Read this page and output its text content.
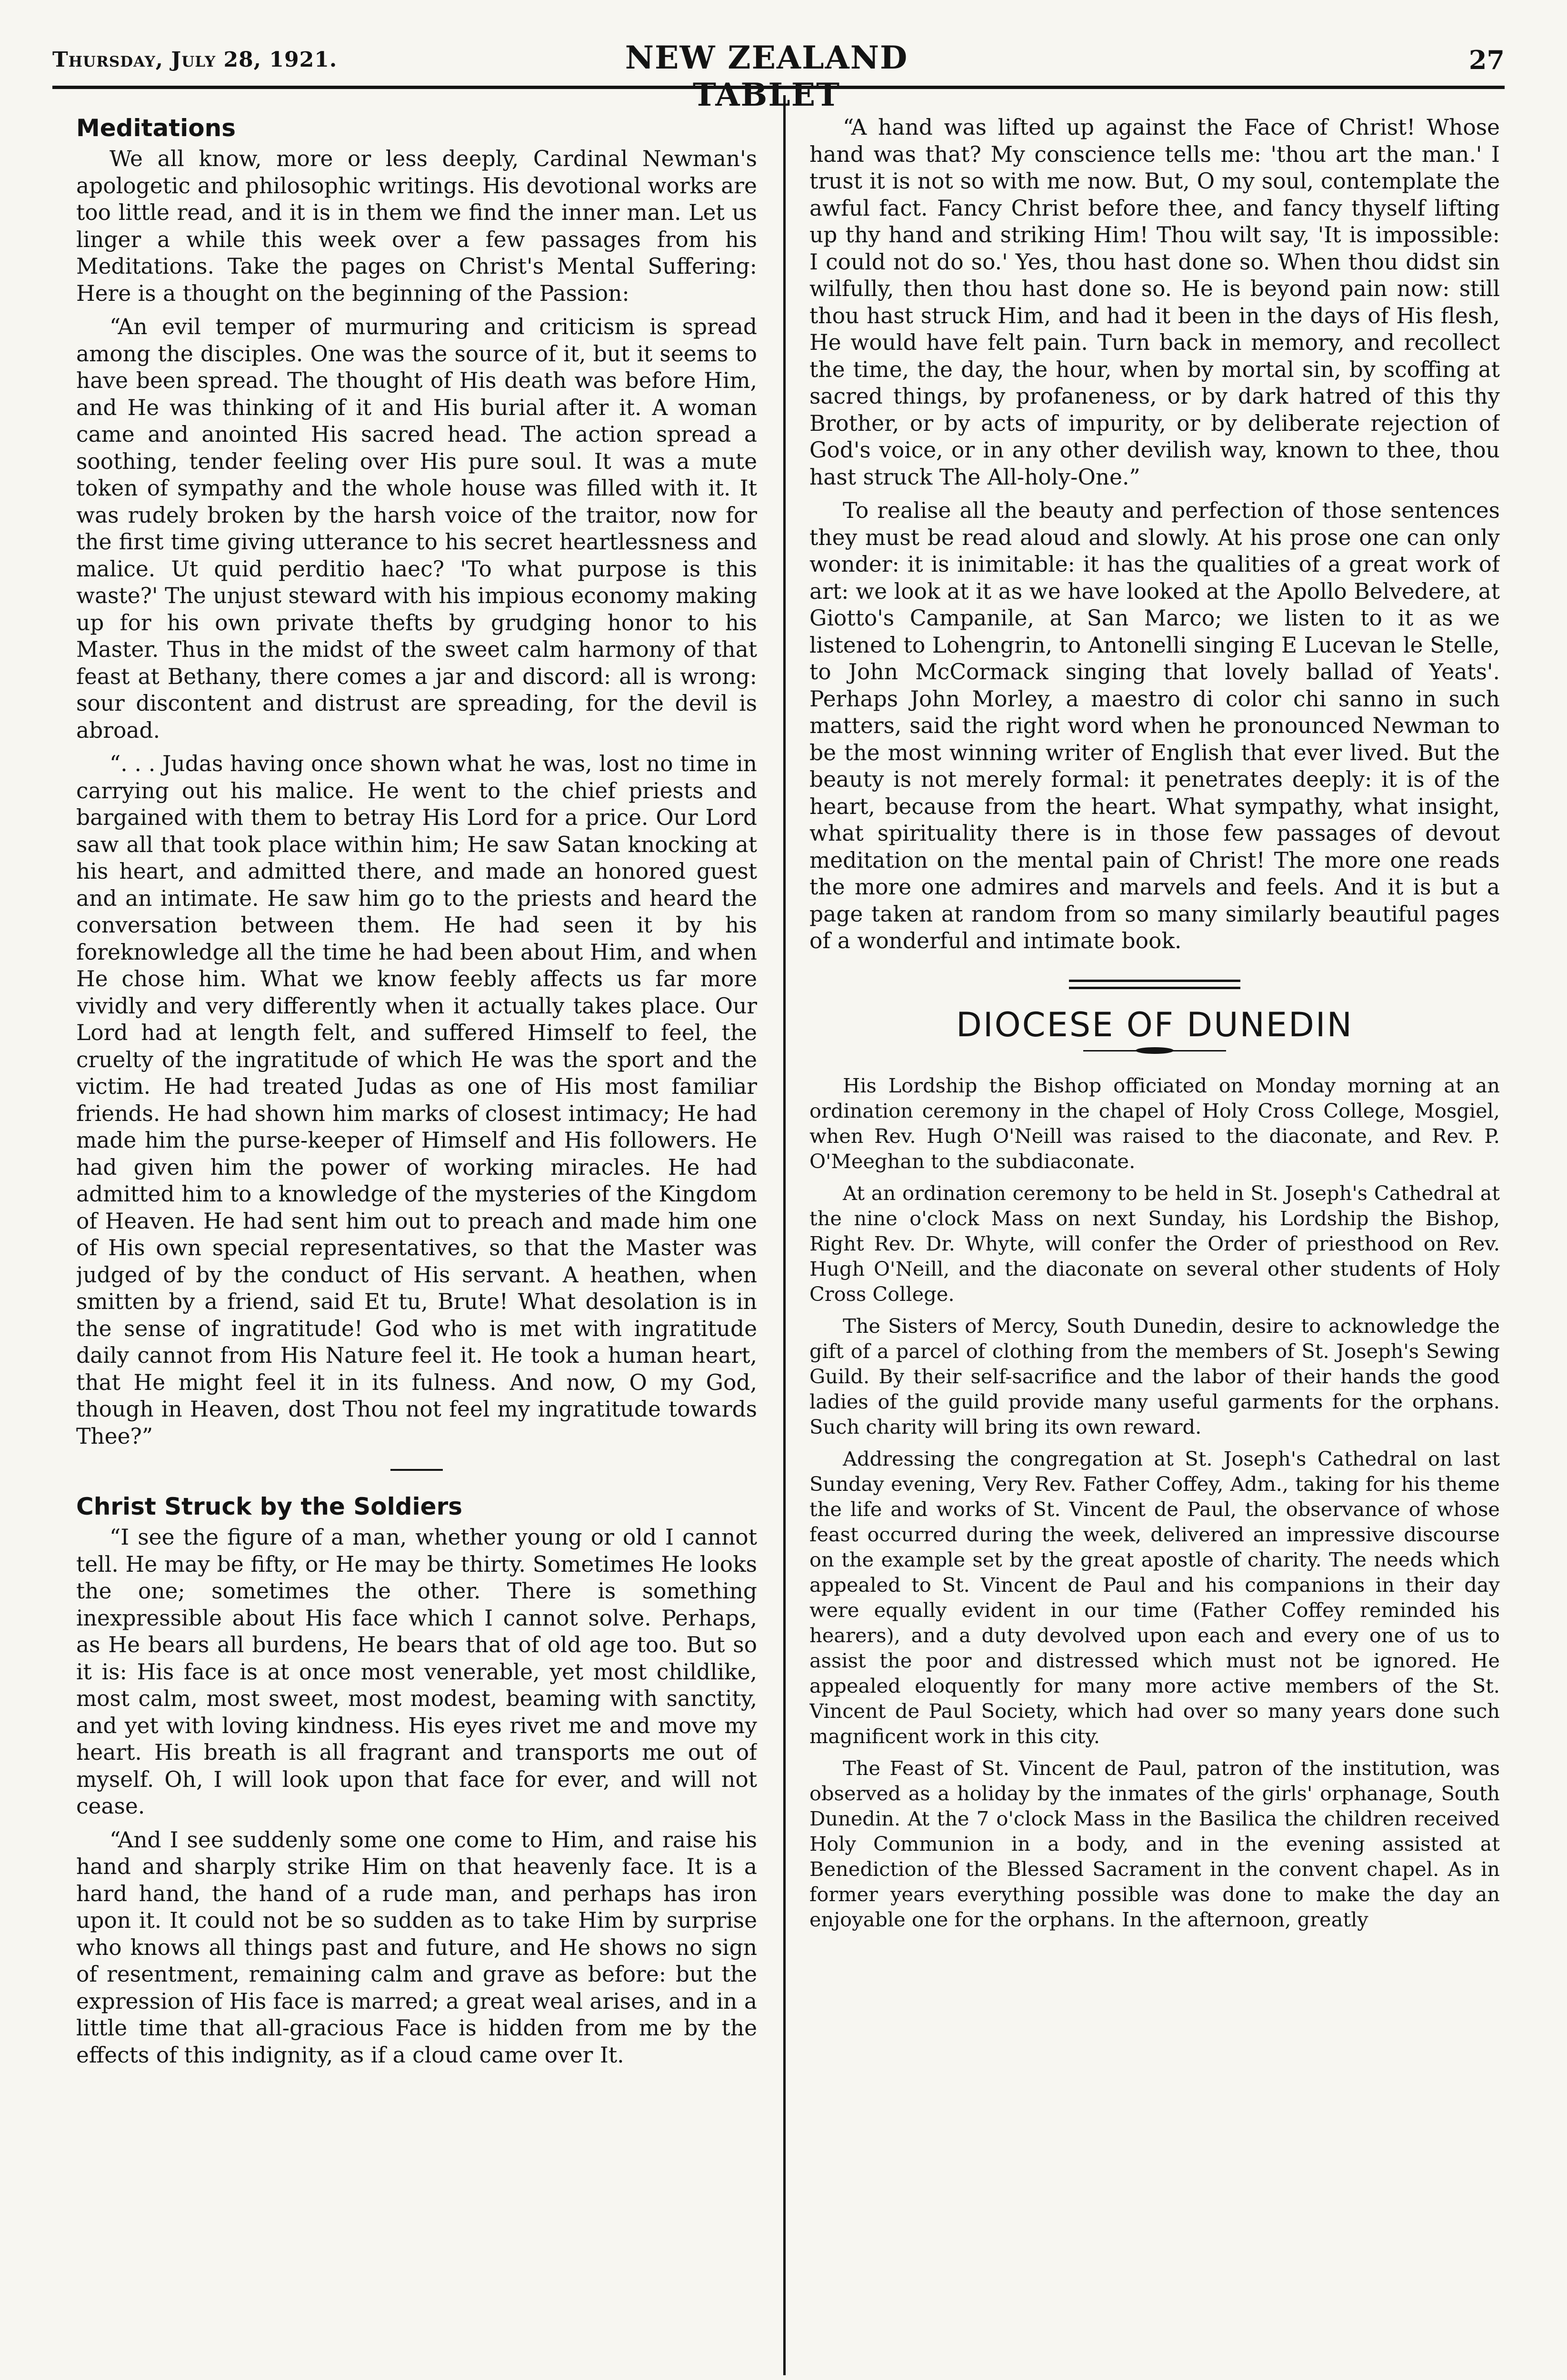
Thursday, July 28, 1921.	NEW ZEALAND TABLET
27
Meditations

We all know, more or less deeply, Cardinal Newman's apologetic and philosophic writings. His devotional works are too little read, and it is in them we find the inner man. Let us linger a while this week over a few passages from his Meditations. Take the pages on Christ's Mental Suffering: Here is a thought on the beginning of the Passion:

“An evil temper of murmuring and criticism is spread among the disciples. One was the source of it, but it seems to have been spread. The thought of His death was before Him, and He was thinking of it and His burial after it. A woman came and anointed His sacred head. The action spread a soothing, tender feeling over His pure soul. It was a mute token of sympathy and the whole house was filled with it. It was rudely broken by the harsh voice of the traitor, now for the first time giving utterance to his secret heartlessness and malice. Ut quid perditio haec? 'To what purpose is this waste?' The unjust steward with his impious economy making up for his own private thefts by grudging honor to his Master. Thus in the midst of the sweet calm harmony of that feast at Bethany, there comes a jar and discord: all is wrong: sour discontent and distrust are spreading, for the devil is abroad.

“. . . Judas having once shown what he was, lost no time in carrying out his malice. He went to the chief priests and bargained with them to betray His Lord for a price. Our Lord saw all that took place within him; He saw Satan knocking at his heart, and admitted there, and made an honored guest and an intimate. He saw him go to the priests and heard the conversation between them. He had seen it by his foreknowledge all the time he had been about Him, and when He chose him. What we know feebly affects us far more vividly and very differently when it actually takes place. Our Lord had at length felt, and suffered Himself to feel, the cruelty of the ingratitude of which He was the sport and the victim. He had treated Judas as one of His most familiar friends. He had shown him marks of closest intimacy; He had made him the purse-keeper of Himself and His followers. He had given him the power of working miracles. He had admitted him to a knowledge of the mysteries of the Kingdom of Heaven. He had sent him out to preach and made him one of His own special representatives, so that the Master was judged of by the conduct of His servant. A heathen, when smitten by a friend, said Et tu, Brute! What desolation is in the sense of ingratitude! God who is met with ingratitude daily cannot from His Nature feel it. He took a human heart, that He might feel it in its fulness. And now, O my God, though in Heaven, dost Thou not feel my ingratitude towards Thee?”

Christ Struck by the Soldiers

“I see the figure of a man, whether young or old I cannot tell. He may be fifty, or He may be thirty. Sometimes He looks the one; sometimes the other. There is something inexpressible about His face which I cannot solve. Perhaps, as He bears all burdens, He bears that of old age too. But so it is: His face is at once most venerable, yet most childlike, most calm, most sweet, most modest, beaming with sanctity, and yet with loving kindness. His eyes rivet me and move my heart. His breath is all fragrant and transports me out of myself. Oh, I will look upon that face for ever, and will not cease.

“And I see suddenly some one come to Him, and raise his hand and sharply strike Him on that heavenly face. It is a hard hand, the hand of a rude man, and perhaps has iron upon it. It could not be so sudden as to take Him by surprise who knows all things past and future, and He shows no sign of resentment, remaining calm and grave as before: but the expression of His face is marred; a great weal arises, and in a little time that all-gracious Face is hidden from me by the effects of this indignity, as if a cloud came over It.

“A hand was lifted up against the Face of Christ! Whose hand was that? My conscience tells me: 'thou art the man.' I trust it is not so with me now. But, O my soul, contemplate the awful fact. Fancy Christ before thee, and fancy thyself lifting up thy hand and striking Him! Thou wilt say, 'It is impossible: I could not do so.' Yes, thou hast done so. When thou didst sin wilfully, then thou hast done so. He is beyond pain now: still thou hast struck Him, and had it been in the days of His flesh, He would have felt pain. Turn back in memory, and recollect the time, the day, the hour, when by mortal sin, by scoffing at sacred things, by profaneness, or by dark hatred of this thy Brother, or by acts of impurity, or by deliberate rejection of God's voice, or in any other devilish way, known to thee, thou hast struck The All-holy-One.”

To realise all the beauty and perfection of those sentences they must be read aloud and slowly. At his prose one can only wonder: it is inimitable: it has the qualities of a great work of art: we look at it as we have looked at the Apollo Belvedere, at Giotto's Campanile, at San Marco; we listen to it as we listened to Lohengrin, to Antonelli singing E Lucevan le Stelle, to John McCormack singing that lovely ballad of Yeats'. Perhaps John Morley, a maestro di color chi sanno in such matters, said the right word when he pronounced Newman to be the most winning writer of English that ever lived. But the beauty is not merely formal: it penetrates deeply: it is of the heart, because from the heart. What sympathy, what insight, what spirituality there is in those few passages of devout meditation on the mental pain of Christ! The more one reads the more one admires and marvels and feels. And it is but a page taken at random from so many similarly beautiful pages of a wonderful and intimate book.

DIOCESE OF DUNEDIN

His Lordship the Bishop officiated on Monday morning at an ordination ceremony in the chapel of Holy Cross College, Mosgiel, when Rev. Hugh O'Neill was raised to the diaconate, and Rev. P. O'Meeghan to the subdiaconate.

At an ordination ceremony to be held in St. Joseph's Cathedral at the nine o'clock Mass on next Sunday, his Lordship the Bishop, Right Rev. Dr. Whyte, will confer the Order of priesthood on Rev. Hugh O'Neill, and the diaconate on several other students of Holy Cross College.

The Sisters of Mercy, South Dunedin, desire to acknowledge the gift of a parcel of clothing from the members of St. Joseph's Sewing Guild. By their self-sacrifice and the labor of their hands the good ladies of the guild provide many useful garments for the orphans. Such charity will bring its own reward.

Addressing the congregation at St. Joseph's Cathedral on last Sunday evening, Very Rev. Father Coffey, Adm., taking for his theme the life and works of St. Vincent de Paul, the observance of whose feast occurred during the week, delivered an impressive discourse on the example set by the great apostle of charity. The needs which appealed to St. Vincent de Paul and his companions in their day were equally evident in our time (Father Coffey reminded his hearers), and a duty devolved upon each and every one of us to assist the poor and distressed which must not be ignored. He appealed eloquently for many more active members of the St. Vincent de Paul Society, which had over so many years done such magnificent work in this city.

The Feast of St. Vincent de Paul, patron of the institution, was observed as a holiday by the inmates of the girls' orphanage, South Dunedin. At the 7 o'clock Mass in the Basilica the children received Holy Communion in a body, and in the evening assisted at Benediction of the Blessed Sacrament in the convent chapel. As in former years everything possible was done to make the day an enjoyable one for the orphans. In the afternoon, greatly
